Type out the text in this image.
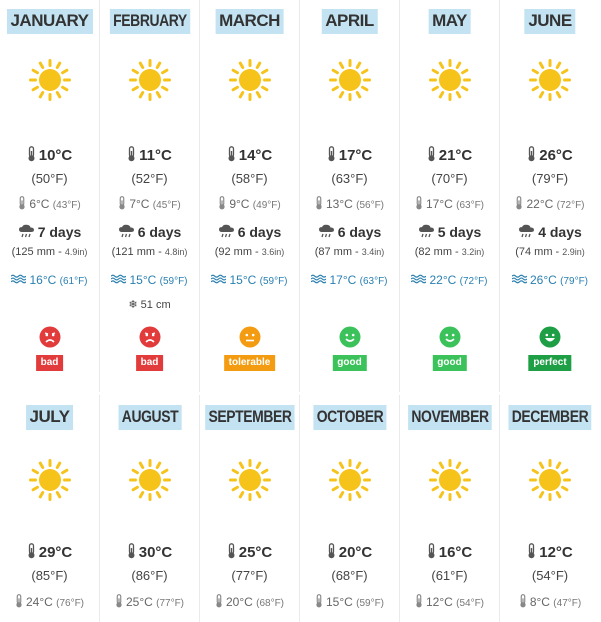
JANUARY
10°C
(50°F)
6°C (43°F)
7 days
(125 mm - 4.9in)
16°C (61°F)
bad
FEBRUARY
11°C
(52°F)
7°C (45°F)
6 days
(121 mm - 4.8in)
15°C (59°F)
❄ 51 cm
bad
MARCH
14°C
(58°F)
9°C (49°F)
6 days
(92 mm - 3.6in)
15°C (59°F)
tolerable
APRIL
17°C
(63°F)
13°C (56°F)
6 days
(87 mm - 3.4in)
17°C (63°F)
good
MAY
21°C
(70°F)
17°C (63°F)
5 days
(82 mm - 3.2in)
22°C (72°F)
good
JUNE
26°C
(79°F)
22°C (72°F)
4 days
(74 mm - 2.9in)
26°C (79°F)
perfect
JULY
29°C
(85°F)
24°C (76°F)
AUGUST
30°C
(86°F)
25°C (77°F)
SEPTEMBER
25°C
(77°F)
20°C (68°F)
OCTOBER
20°C
(68°F)
15°C (59°F)
NOVEMBER
16°C
(61°F)
12°C (54°F)
DECEMBER
12°C
(54°F)
8°C (47°F)
